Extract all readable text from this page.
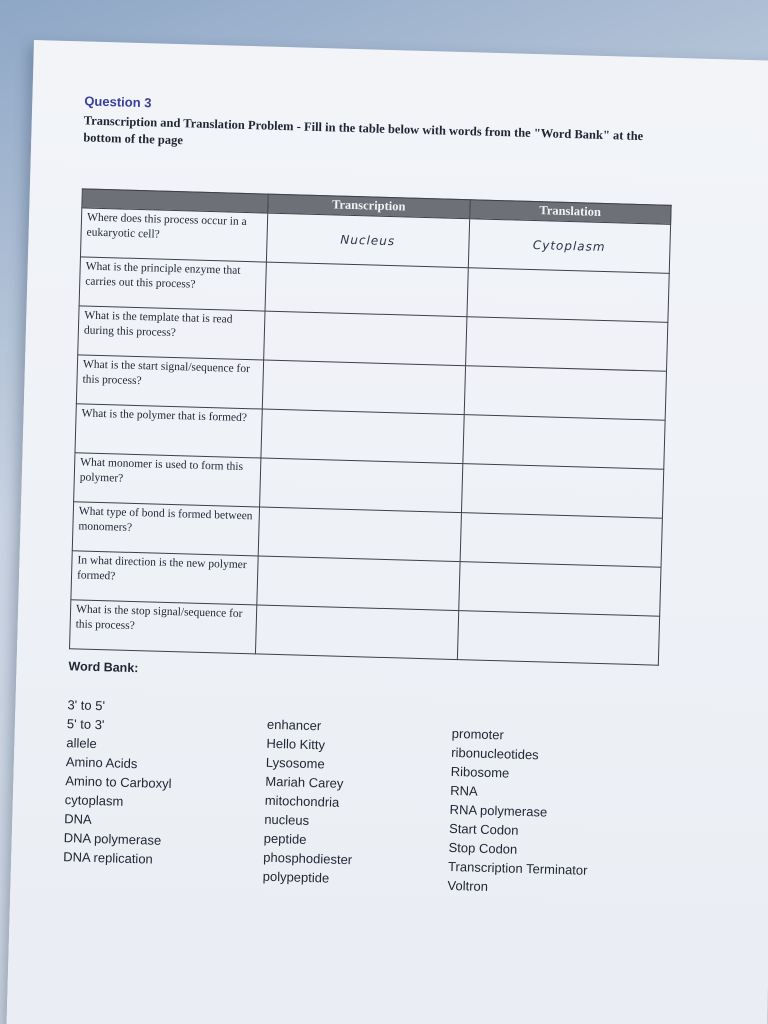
Question 3
Transcription and Translation Problem - Fill in the table below with words from the "Word Bank" at the bottom of the page
	Transcription	Translation
Where does this process occur in a eukaryotic cell?	Nucleus	Cytoplasm
What is the principle enzyme that carries out this process?		
What is the template that is read during this process?		
What is the start signal/sequence for this process?		
What is the polymer that is formed?		
What monomer is used to form this polymer?		
What type of bond is formed between monomers?		
In what direction is the new polymer formed?		
What is the stop signal/sequence for this process?		
Word Bank:
3' to 5'
5' to 3'
allele
Amino Acids
Amino to Carboxyl
cytoplasm
DNA
DNA polymerase
DNA replication
enhancer
Hello Kitty
Lysosome
Mariah Carey
mitochondria
nucleus
peptide
phosphodiester
polypeptide
promoter
ribonucleotides
Ribosome
RNA
RNA polymerase
Start Codon
Stop Codon
Transcription Terminator
Voltron
